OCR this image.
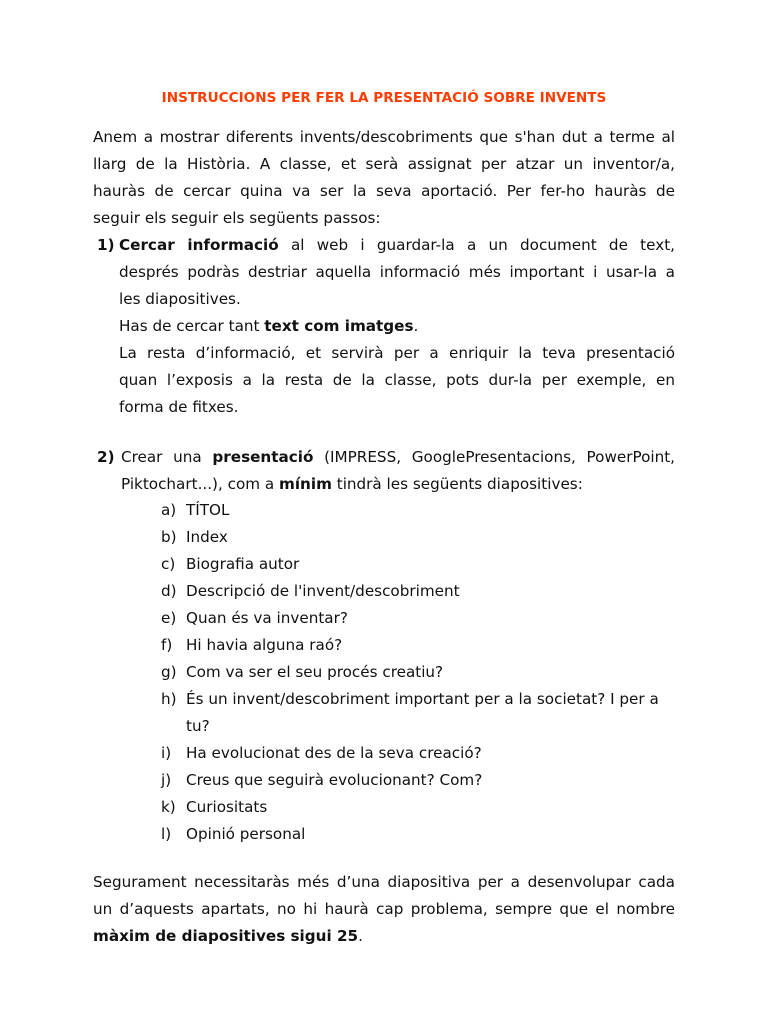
INSTRUCCIONS PER FER LA PRESENTACIÓ SOBRE INVENTS
Anem a mostrar diferents invents/descobriments que s'han dut a terme al
llarg de la Història. A classe, et serà assignat per atzar un inventor/a,
hauràs de cercar quina va ser la seva aportació. Per fer-ho hauràs de
seguir els seguir els següents passos:
1) Cercar informació al web i guardar-la a un document de text,
després podràs destriar aquella informació més important i usar-la a
les diapositives.
Has de cercar tant text com imatges.
La resta d’informació, et servirà per a enriquir la teva presentació
quan l’exposis a la resta de la classe, pots dur-la per exemple, en
forma de fitxes.
2) Crear una presentació (IMPRESS, GooglePresentacions, PowerPoint,
Piktochart...), com a mínim tindrà les següents diapositives:
a) TÍTOL
b) Index
c) Biografia autor
d) Descripció de l'invent/descobriment
e) Quan és va inventar?
f) Hi havia alguna raó?
g) Com va ser el seu procés creatiu?
h) És un invent/descobriment important per a la societat? I per a
tu?
i) Ha evolucionat des de la seva creació?
j) Creus que seguirà evolucionant? Com?
k) Curiositats
l) Opinió personal
Segurament necessitaràs més d’una diapositiva per a desenvolupar cada
un d’aquests apartats, no hi haurà cap problema, sempre que el nombre
màxim de diapositives sigui 25.
